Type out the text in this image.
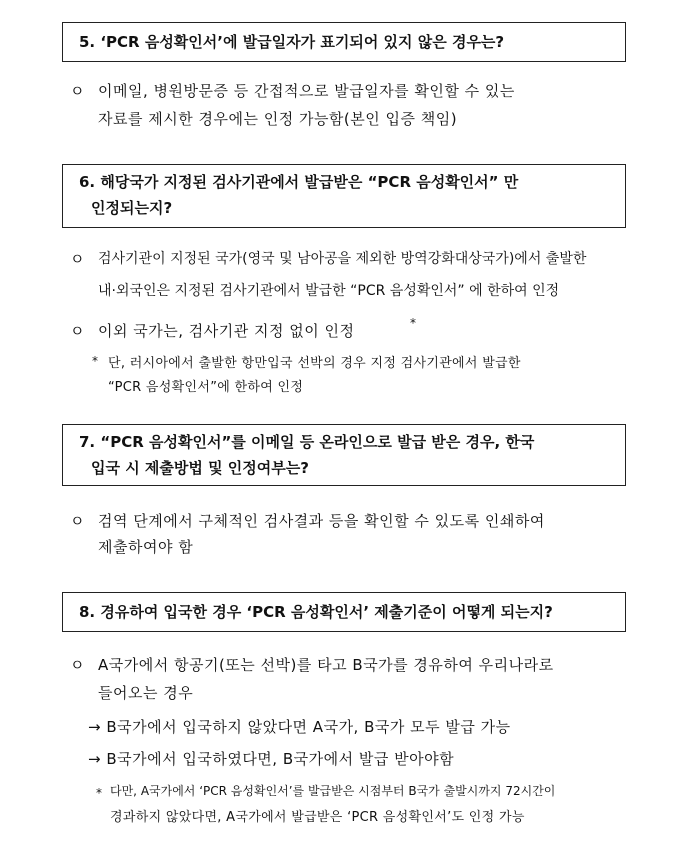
5. ‘PCR 음성확인서’에 발급일자가 표기되어 있지 않은 경우는?
ㅇ 이메일, 병원방문증 등 간접적으로 발급일자를 확인할 수 있는
자료를 제시한 경우에는 인정 가능함(본인 입증 책임)
6. 해당국가 지정된 검사기관에서 발급받은 “PCR 음성확인서” 만
인정되는지?
ㅇ 검사기관이 지정된 국가(영국 및 남아공을 제외한 방역강화대상국가)에서 출발한
내·외국인은 지정된 검사기관에서 발급한 “PCR 음성확인서” 에 한하여 인정
ㅇ 이외 국가는, 검사기관 지정 없이 인정	*
* 단, 러시아에서 출발한 항만입국 선박의 경우 지정 검사기관에서 발급한
“PCR 음성확인서”에 한하여 인정
7. “PCR 음성확인서”를 이메일 등 온라인으로 발급 받은 경우, 한국
입국 시 제출방법 및 인정여부는?
ㅇ 검역 단계에서 구체적인 검사결과 등을 확인할 수 있도록 인쇄하여
제출하여야 함
8. 경유하여 입국한 경우 ‘PCR 음성확인서’ 제출기준이 어떻게 되는지?
ㅇ A국가에서 항공기(또는 선박)를 타고 B국가를 경유하여 우리나라로
들어오는 경우
→ B국가에서 입국하지 않았다면 A국가, B국가 모두 발급 가능
→ B국가에서 입국하였다면, B국가에서 발급 받아야함
* 다만, A국가에서 ‘PCR 음성확인서’를 발급받은 시점부터 B국가 출발시까지 72시간이
경과하지 않았다면, A국가에서 발급받은 ‘PCR 음성확인서’도 인정 가능
